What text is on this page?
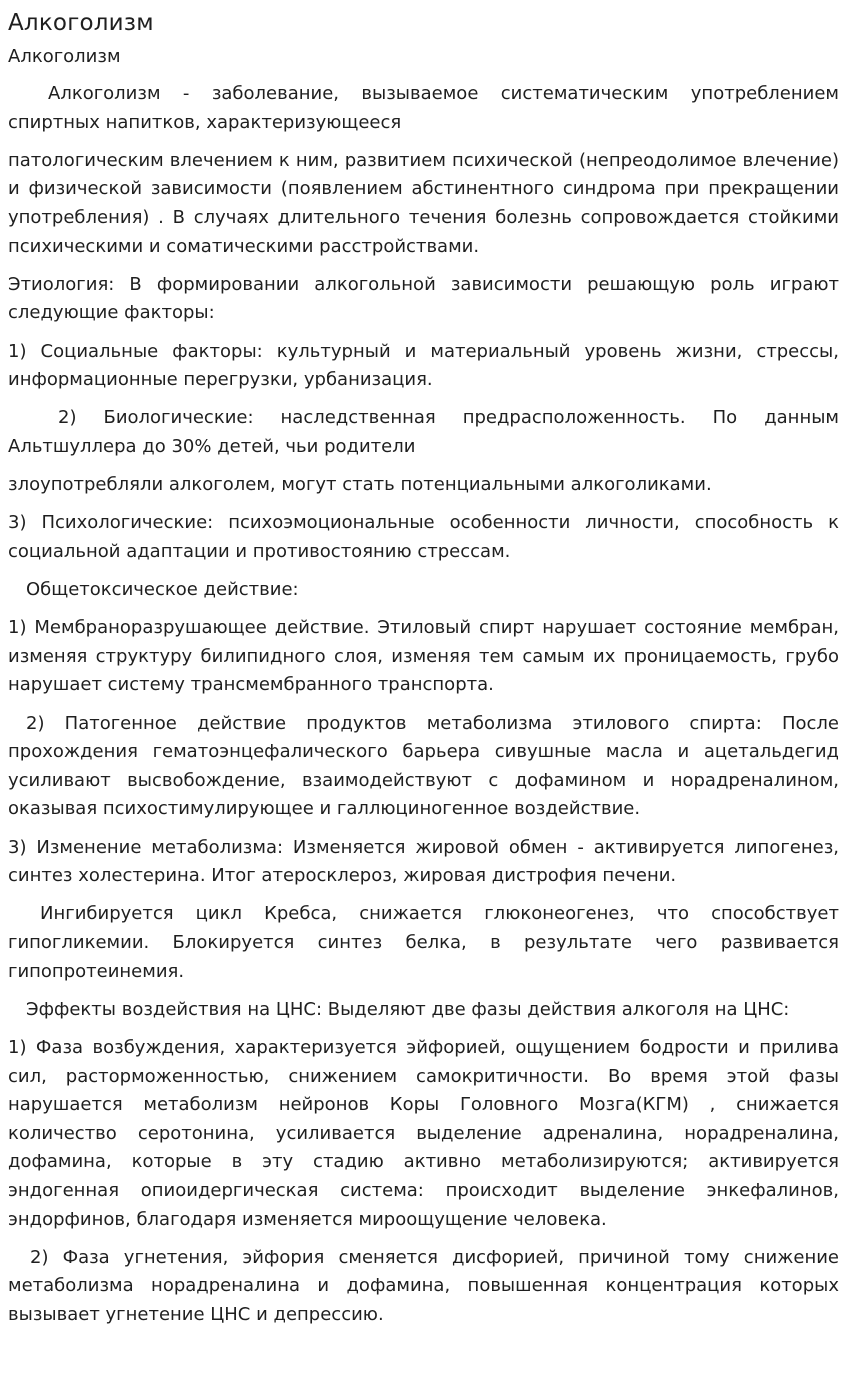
Алкоголизм
Алкоголизм

Алкоголизм - заболевание, вызываемое систематическим употреблением спиртных напитков, характеризующееся

патологическим влечением к ним, развитием психической (непреодолимое влечение) и физической зависимости (появлением абстинентного синдрома при прекращении употребления) . В случаях длительного течения болезнь сопровождается стойкими психическими и соматическими расстройствами.

Этиология: В формировании алкогольной зависимости решающую роль играют следующие факторы:

1) Социальные факторы: культурный и материальный уровень жизни, стрессы, информационные перегрузки, урбанизация.

2) Биологические: наследственная предрасположенность. По данным Альтшуллера до 30% детей, чьи родители

злоупотребляли алкоголем, могут стать потенциальными алкоголиками.

3) Психологические: психоэмоциональные особенности личности, способность к социальной адаптации и противостоянию стрессам.

Общетоксическое действие:

1) Мембраноразрушающее действие. Этиловый спирт нарушает состояние мембран, изменяя структуру билипидного слоя, изменяя тем самым их проницаемость, грубо нарушает систему трансмембранного транспорта.

2) Патогенное действие продуктов метаболизма этилового спирта: После прохождения гематоэнцефалического барьера сивушные масла и ацетальдегид усиливают высвобождение, взаимодействуют с дофамином и норадреналином, оказывая психостимулирующее и галлюциногенное воздействие.

3) Изменение метаболизма: Изменяется жировой обмен - активируется липогенез, синтез холестерина. Итог атеросклероз, жировая дистрофия печени.

Ингибируется цикл Кребса, снижается глюконеогенез, что способствует гипогликемии. Блокируется синтез белка, в результате чего развивается гипопротеинемия.

Эффекты воздействия на ЦНС: Выделяют две фазы действия алкоголя на ЦНС:

1) Фаза возбуждения, характеризуется эйфорией, ощущением бодрости и прилива сил, расторможенностью, снижением самокритичности. Во время этой фазы нарушается метаболизм нейронов Коры Головного Мозга(КГМ) , снижается количество серотонина, усиливается выделение адреналина, норадреналина, дофамина, которые в эту стадию активно метаболизируются; активируется эндогенная опиоидергическая система: происходит выделение энкефалинов, эндорфинов, благодаря изменяется мироощущение человека.

2) Фаза угнетения, эйфория сменяется дисфорией, причиной тому снижение метаболизма норадреналина и дофамина, повышенная концентрация которых вызывает угнетение ЦНС и депрессию.
